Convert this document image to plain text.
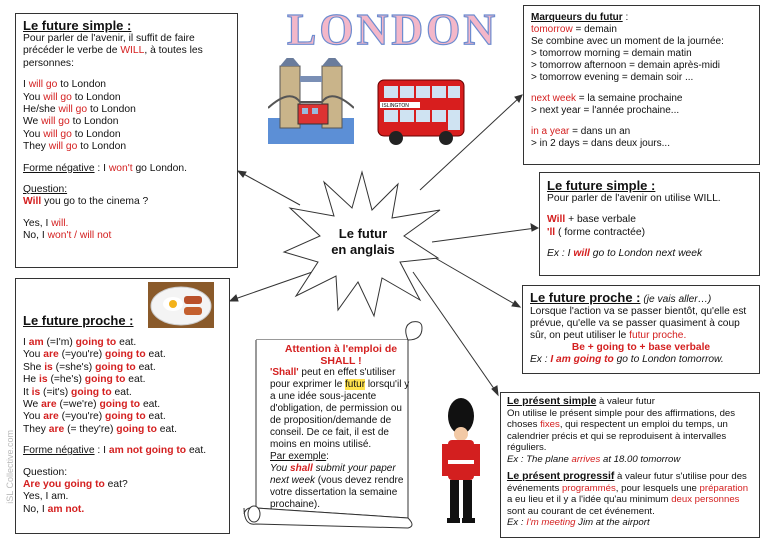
LONDON
ISLINGTON
Le futur
en anglais
Le future simple :
Pour parler de l'avenir, il suffit de faire précéder le verbe de WILL, à toutes les personnes:
I will go to London
You will go to London
He/she will go to London
We will go to London
You will go to London
They will go to London
Forme négative : I won't go London.
Question:
Will you go to the cinema ?
Yes, I will.
No, I won't / will not
Le future proche :
I am (=I'm) going to eat.
You are (=you're) going to eat.
She is (=she's) going to eat.
He is (=he's) going to eat.
It is (=it's) going to eat.
We are (=we're) going to eat.
You are (=you're) going to eat.
They are (= they're) going to eat.
Forme négative : I am not going to eat.
Question:
Are you going to eat?
Yes, I am.
No, I am not.
Marqueurs du futur :
tomorrow = demain
Se combine avec un moment de la journée:
> tomorrow morning = demain matin
> tomorrow afternoon = demain après-midi
> tomorrow evening = demain soir ...
next week = la semaine prochaine
> next year = l'année prochaine...
in a year = dans un an
> in 2 days = dans deux jours...
Le future simple :
Pour parler de l'avenir on utilise WILL.
Will + base verbale
'll ( forme contractée)
Ex : I will go to London next week
Le future proche : (je vais aller…)
Lorsque l'action va se passer bientôt, qu'elle est prévue, qu'elle va se passer quasiment à coup sûr, on peut utiliser le futur proche.
Be + going to + base verbale
Ex : I am going to go to London tomorrow.
Le présent simple à valeur futur
On utilise le présent simple pour des affirmations, des choses fixes, qui respectent un emploi du temps, un calendrier précis et qui se reproduisent à intervalles réguliers.
Ex : The plane arrives at 18.00 tomorrow
Le présent progressif à valeur futur s'utilise pour des événements programmés, pour lesquels une préparation a eu lieu et il y a l'idée qu'au minimum deux personnes sont au courant de cet événement.
Ex : I'm meeting Jim at the airport
Attention à l'emploi de SHALL !
'Shall' peut en effet s'utiliser pour exprimer le futur lorsqu'il y a une idée sous-jacente d'obligation, de permission ou de proposition/demande de conseil. De ce fait, il est de moins en moins utilisé.
Par exemple:
You shall submit your paper next week (vous devez rendre votre dissertation la semaine prochaine).
iSL Collective.com
